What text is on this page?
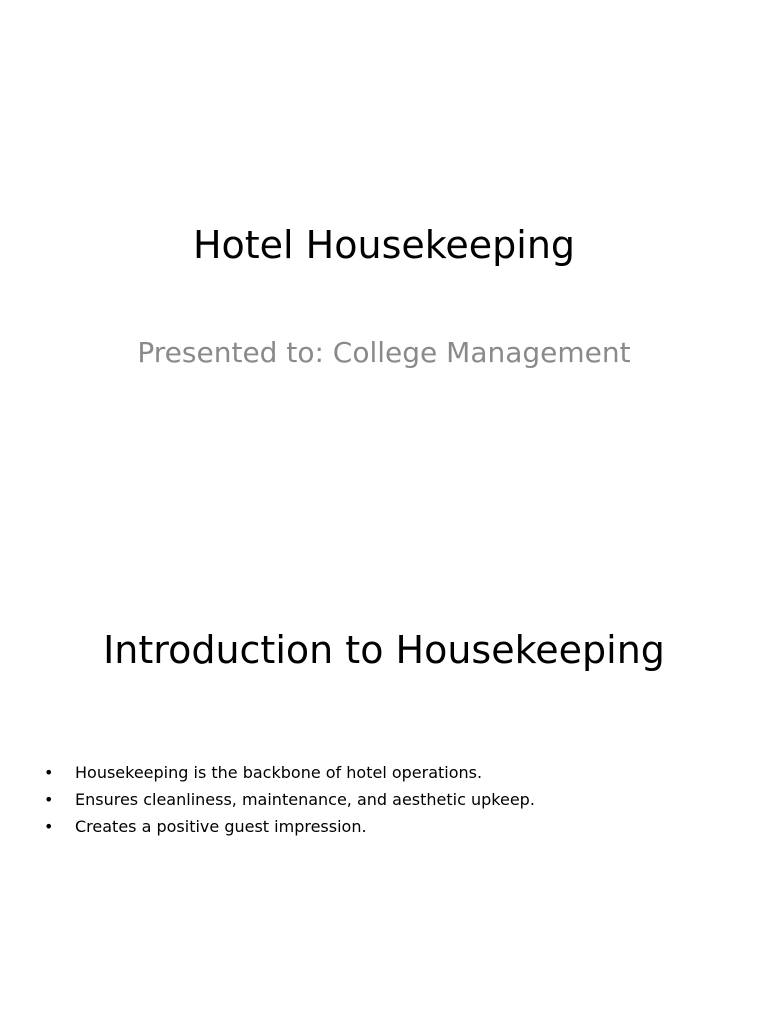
Hotel Housekeeping

Presented to: College Management

Introduction to Housekeeping
• Housekeeping is the backbone of hotel operations.
• Ensures cleanliness, maintenance, and aesthetic upkeep.
• Creates a positive guest impression.
